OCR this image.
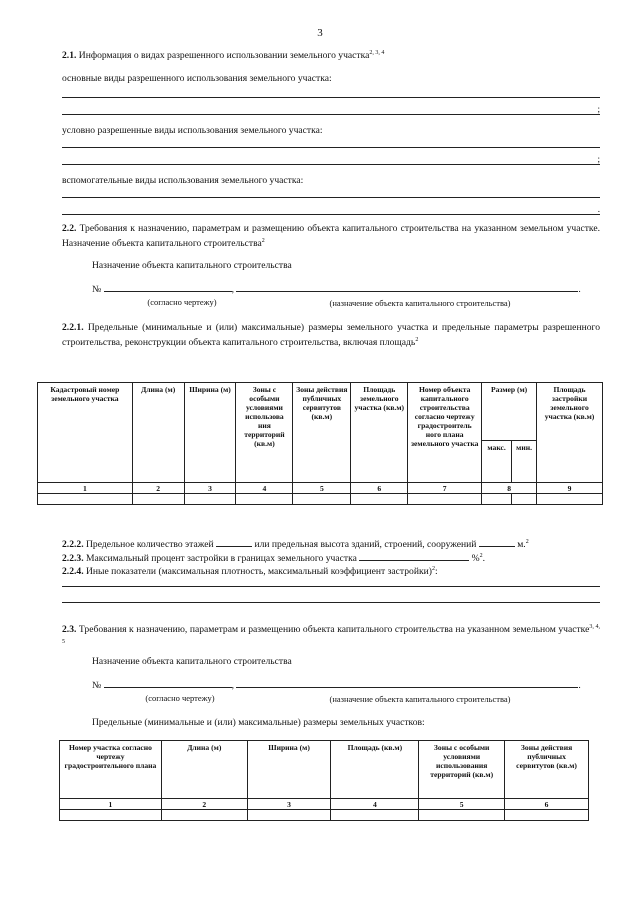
3
2.1. Информация о видах разрешенного использовании земельного участка$^{2, 3, 4}$
основные виды разрешенного использования земельного участка:
;
условно разрешенные виды использования земельного участка:
;
вспомогательные виды использования земельного участка:
.
2.2. Требования к назначению, параметрам и размещению объекта капитального строительства на указанном земельном участке. Назначение объекта капитального строительства$^2$
Назначение объекта капитального строительства
№	,	.
(согласно чертежу)	(назначение объекта капитального строительства)
2.2.1. Предельные (минимальные и (или) максимальные) размеры земельного участка и предельные параметры разрешенного строительства, реконструкции объекта капитального строительства, включая площадь$^2$
Кадастровый номер земельного участка	Длина (м)	Ширина (м)	Зоны с особыми условиями использова ния территорий (кв.м)	Зоны действия публичных сервитутов (кв.м)	Площадь земельного участка (кв.м)	Номер объекта капитального строительства согласно чертежу градостроитель ного плана земельного участка	Размер (м)		Площадь застройки земельного участка (кв.м)
							макс.	мин.	
1	2	3	4	5	6	7	8		9

2.2.2. Предельное количество этажей	или предельная высота зданий, строений, сооружений	м.$^2$
2.2.3. Максимальный процент застройки в границах земельного участка	%$^2$.
2.2.4. Иные показатели (максимальная плотность, максимальный коэффициент застройки)$^2$:
2.3. Требования к назначению, параметрам и размещению объекта капитального строительства на указанном земельном участке$^{3, 4, 5}$
Назначение объекта капитального строительства
№	,	.
(согласно чертежу)	(назначение объекта капитального строительства)
Предельные (минимальные и (или) максимальные) размеры земельных участков:
Номер участка согласно чертежу градостроительного плана	Длина (м)	Ширина (м)	Площадь (кв.м)	Зоны с особыми условиями использования территорий (кв.м)	Зоны действия публичных сервитутов (кв.м)
1	2	3	4	5	6
